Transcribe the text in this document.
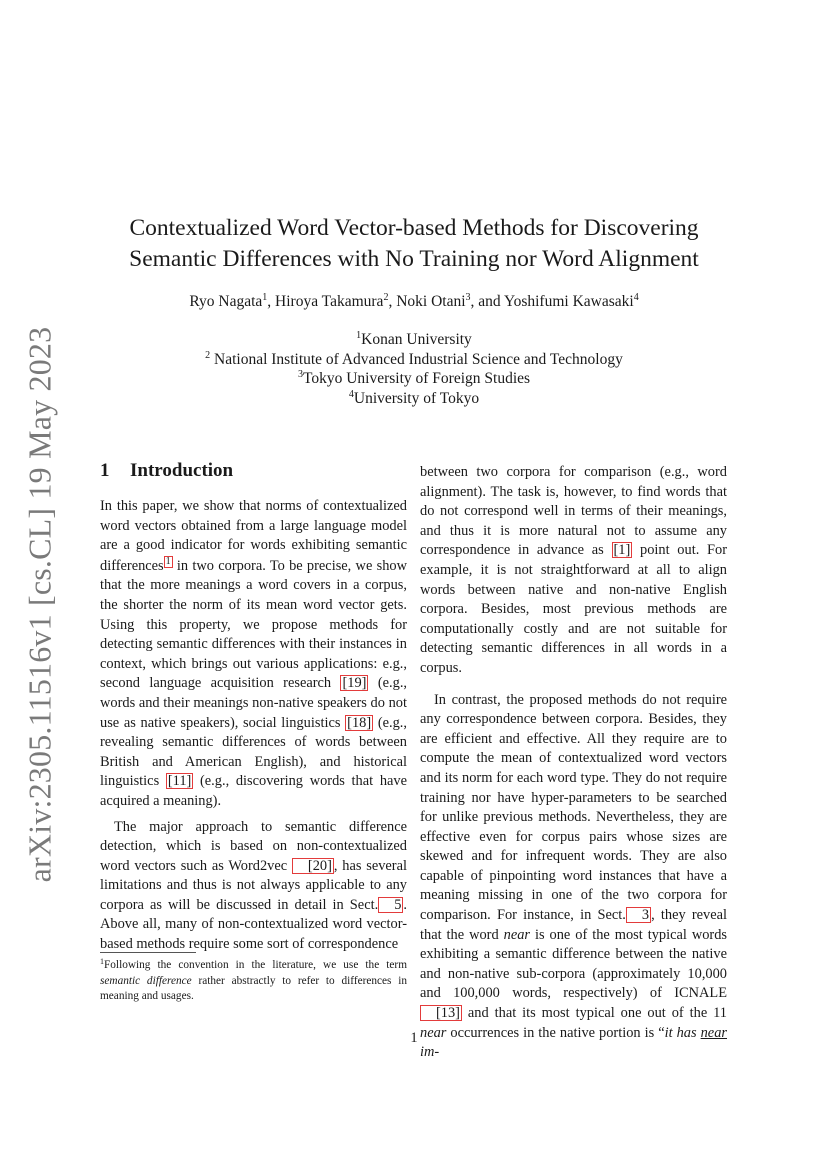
arXiv:2305.11516v1 [cs.CL] 19 May 2023
Contextualized Word Vector-based Methods for Discovering
Semantic Differences with No Training nor Word Alignment
Ryo Nagata$^1$, Hiroya Takamura$^2$, Noki Otani$^3$, and Yoshifumi Kawasaki$^4$
$^1$Konan University
$^2$ National Institute of Advanced Industrial Science and Technology
$^3$Tokyo University of Foreign Studies
$^4$University of Tokyo
1 Introduction

In this paper, we show that norms of contextualized word vectors obtained from a large language model are a good indicator for words exhibiting semantic differences 1 in two corpora. To be precise, we show that the more meanings a word covers in a corpus, the shorter the norm of its mean word vector gets. Using this property, we propose methods for detecting semantic differences with their instances in context, which brings out various applications: e.g., second language acquisition research [19] (e.g., words and their meanings non-native speakers do not use as native speakers), social linguistics [18] (e.g., revealing semantic differences of words between British and American English), and historical linguistics [11] (e.g., discovering words that have acquired a meaning).

The major approach to semantic difference detection, which is based on non-contextualized word vectors such as Word2vec [20] , has several limitations and thus is not always applicable to any corpora as will be discussed in detail in Sect. 5 . Above all, many of non-contextualized word vector-based methods require some sort of correspondence

between two corpora for comparison (e.g., word alignment). The task is, however, to find words that do not correspond well in terms of their meanings, and thus it is more natural not to assume any correspondence in advance as [1] point out. For example, it is not straightforward at all to align words between native and non-native English corpora. Besides, most previous methods are computationally costly and are not suitable for detecting semantic differences in all words in a corpus.

In contrast, the proposed methods do not require any correspondence between corpora. Besides, they are efficient and effective. All they require are to compute the mean of contextualized word vectors and its norm for each word type. They do not require training nor have hyper-parameters to be searched for unlike previous methods. Nevertheless, they are effective even for corpus pairs whose sizes are skewed and for infrequent words. They are also capable of pinpointing word instances that have a meaning missing in one of the two corpora for comparison. For instance, in Sect. 3 , they reveal that the word near is one of the most typical words exhibiting a semantic difference between the native and non-native sub-corpora (approximately 10,000 and 100,000 words, respectively) of ICNALE [13] and that its most typical one out of the 11 near occurrences in the native portion is “it has near im-

$^1$Following the convention in the literature, we use the term semantic difference rather abstractly to refer to differences in meaning and usages.
1
